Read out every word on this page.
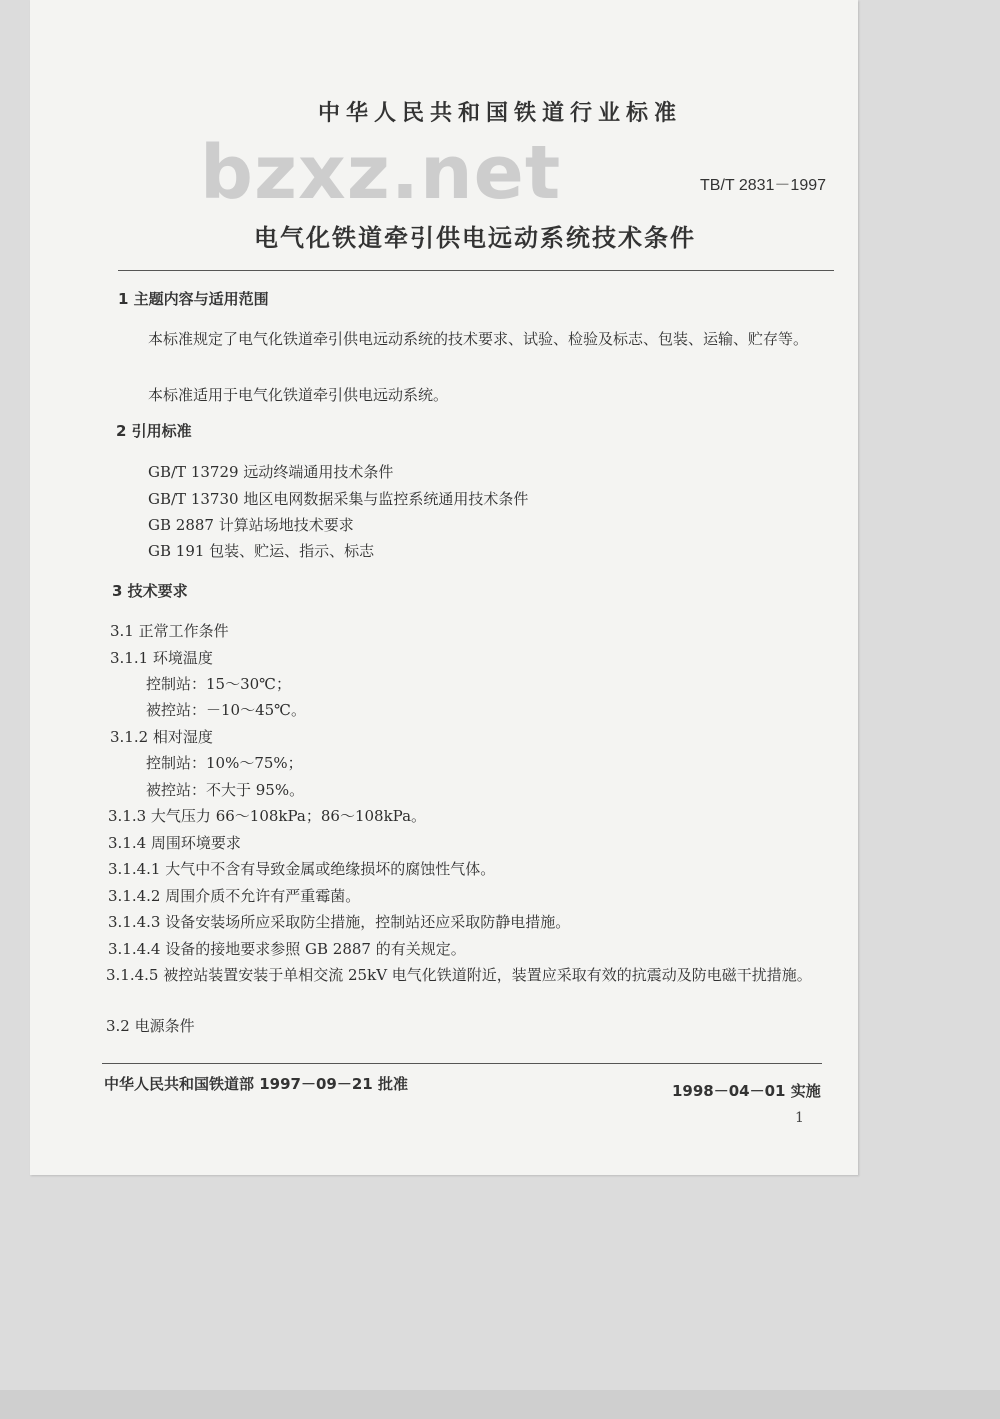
中华人民共和国铁道行业标准
bzxz.net	TB/T 2831－1997
电气化铁道牵引供电远动系统技术条件
1 主题内容与适用范围
本标准规定了电气化铁道牵引供电远动系统的技术要求、试验、检验及标志、包装、运输、贮存等。
本标准适用于电气化铁道牵引供电远动系统。
2 引用标准
GB/T 13729 远动终端通用技术条件
GB/T 13730 地区电网数据采集与监控系统通用技术条件
GB 2887 计算站场地技术要求
GB 191 包装、贮运、指示、标志
3 技术要求
3.1 正常工作条件
3.1.1 环境温度
控制站：15～30℃；
被控站：－10～45℃。
3.1.2 相对湿度
控制站：10%～75%；
被控站：不大于 95%。
3.1.3 大气压力 66～108kPa；86～108kPa。
3.1.4 周围环境要求
3.1.4.1 大气中不含有导致金属或绝缘损坏的腐蚀性气体。
3.1.4.2 周围介质不允许有严重霉菌。
3.1.4.3 设备安装场所应采取防尘措施，控制站还应采取防静电措施。
3.1.4.4 设备的接地要求参照 GB 2887 的有关规定。
3.1.4.5 被控站装置安装于单相交流 25kV 电气化铁道附近，装置应采取有效的抗震动及防电磁干扰措施。
3.2 电源条件
中华人民共和国铁道部 1997－09－21 批准	1998－04－01 实施
1
